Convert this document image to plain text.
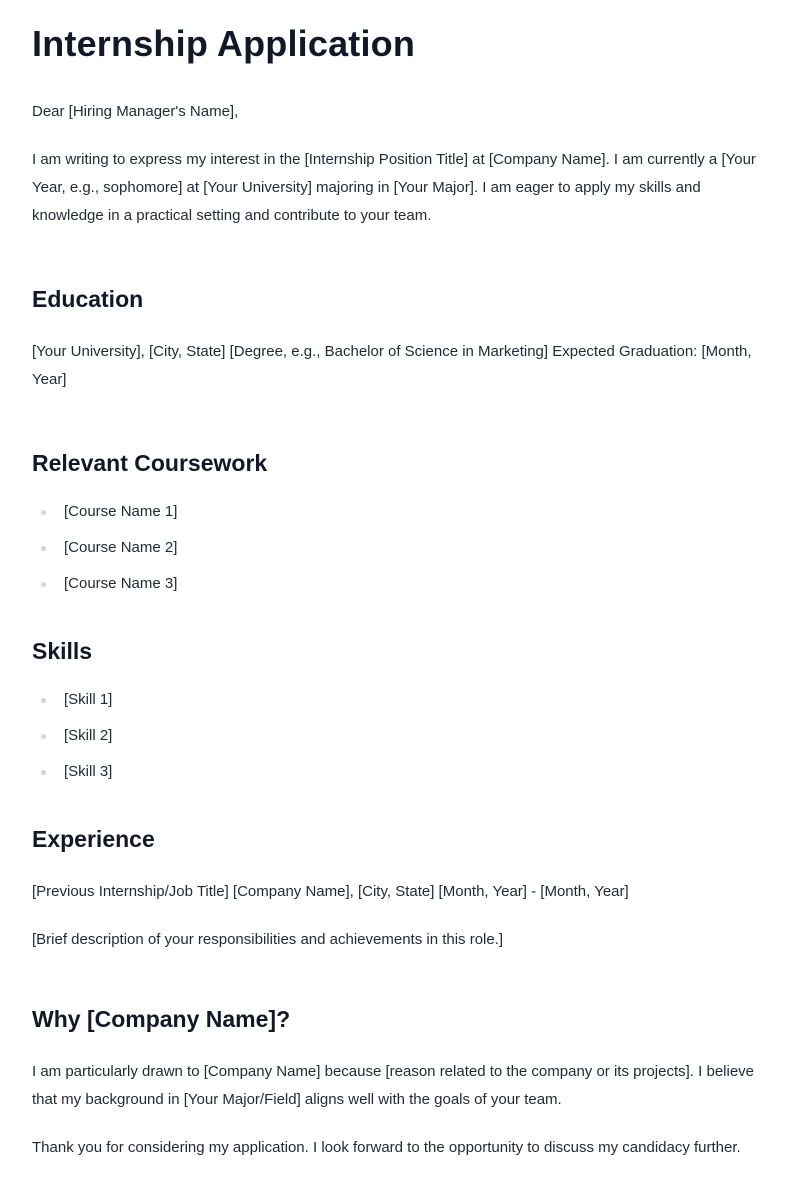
Internship Application

Dear [Hiring Manager's Name],

I am writing to express my interest in the [Internship Position Title] at [Company Name]. I am currently a [Your Year, e.g., sophomore] at [Your University] majoring in [Your Major]. I am eager to apply my skills and knowledge in a practical setting and contribute to your team.

Education

[Your University], [City, State] [Degree, e.g., Bachelor of Science in Marketing] Expected Graduation: [Month, Year]

Relevant Coursework
[Course Name 1]
[Course Name 2]
[Course Name 3]
Skills
[Skill 1]
[Skill 2]
[Skill 3]
Experience

[Previous Internship/Job Title] [Company Name], [City, State] [Month, Year] - [Month, Year]

[Brief description of your responsibilities and achievements in this role.]

Why [Company Name]?

I am particularly drawn to [Company Name] because [reason related to the company or its projects]. I believe that my background in [Your Major/Field] aligns well with the goals of your team.

Thank you for considering my application. I look forward to the opportunity to discuss my candidacy further.
